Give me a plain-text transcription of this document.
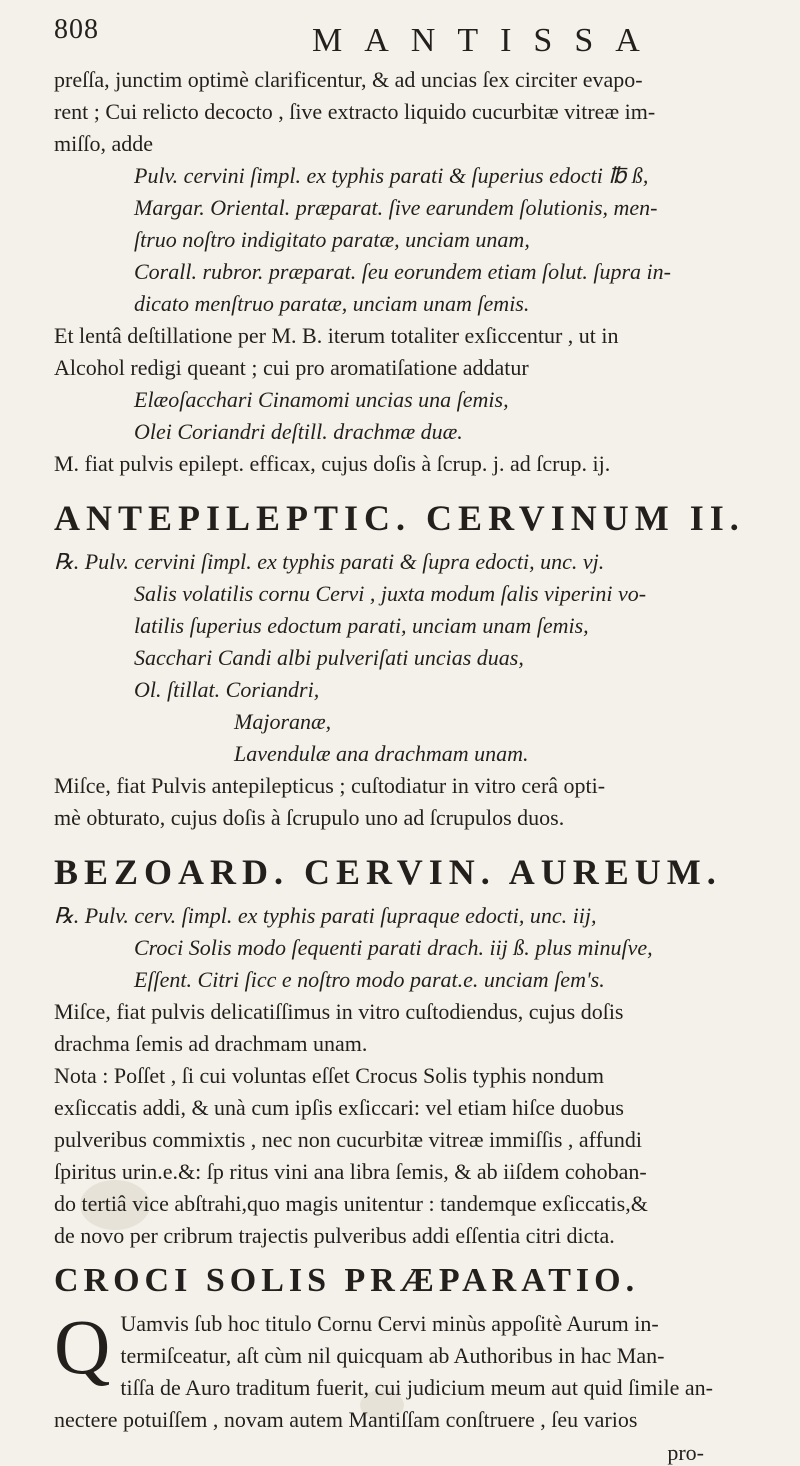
808	MANTISSA

preſſa, junctim optimè clarificentur, & ad uncias ſex circiter evapo-

rent ; Cui relicto decocto , ſive extracto liquido cucurbitæ vitreæ im-

miſſo, adde

Pulv. cervini ſimpl. ex typhis parati & ſuperius edocti ℔ ß,

Margar. Oriental. præparat. ſive earundem ſolutionis, men-

ſtruo noſtro indigitato paratæ, unciam unam,

Corall. rubror. præparat. ſeu eorundem etiam ſolut. ſupra in-

dicato menſtruo paratæ, unciam unam ſemis.

Et lentâ deſtillatione per M. B. iterum totaliter exſiccentur , ut in

Alcohol redigi queant ; cui pro aromatiſatione addatur

Elæoſacchari Cinamomi uncias una ſemis,

Olei Coriandri deſtill. drachmæ duæ.

M. fiat pulvis epilept. efficax, cujus doſis à ſcrup. j. ad ſcrup. ij.

ANTEPILEPTIC. CERVINUM II.

℞. Pulv. cervini ſimpl. ex typhis parati & ſupra edocti, unc. vj.

Salis volatilis cornu Cervi , juxta modum ſalis viperini vo-

latilis ſuperius edoctum parati, unciam unam ſemis,

Sacchari Candi albi pulveriſati uncias duas,

Ol. ſtillat. Coriandri,

Majoranæ,

Lavendulæ ana drachmam unam.

Miſce, fiat Pulvis antepilepticus ; cuſtodiatur in vitro cerâ opti-

mè obturato, cujus doſis à ſcrupulo uno ad ſcrupulos duos.

BEZOARD. CERVIN. AUREUM.

℞. Pulv. cerv. ſimpl. ex typhis parati ſupraque edocti, unc. iij,

Croci Solis modo ſequenti parati drach. iij ß. plus minuſve,

Eſſent. Citri ſicc e noſtro modo parat.e. unciam ſem's.

Miſce, fiat pulvis delicatiſſimus in vitro cuſtodiendus, cujus doſis

drachma ſemis ad drachmam unam.

Nota : Poſſet , ſi cui voluntas eſſet Crocus Solis typhis nondum

exſiccatis addi, & unà cum ipſis exſiccari: vel etiam hiſce duobus

pulveribus commixtis , nec non cucurbitæ vitreæ immiſſis , affundi

ſpiritus urin.e.&: ſp ritus vini ana libra ſemis, & ab iiſdem cohoban-

do tertiâ vice abſtrahi,quo magis unitentur : tandemque exſiccatis,&

de novo per cribrum trajectis pulveribus addi eſſentia citri dicta.

CROCI SOLIS PRÆPARATIO.
Q Uamvis ſub hoc titulo Cornu Cervi minùs appoſitè Aurum in-

termiſceatur, aſt cùm nil quicquam ab Authoribus in hac Man-

tiſſa de Auro traditum fuerit, cui judicium meum aut quid ſimile an-

nectere potuiſſem , novam autem Mantiſſam conſtruere , ſeu varios

pro-
